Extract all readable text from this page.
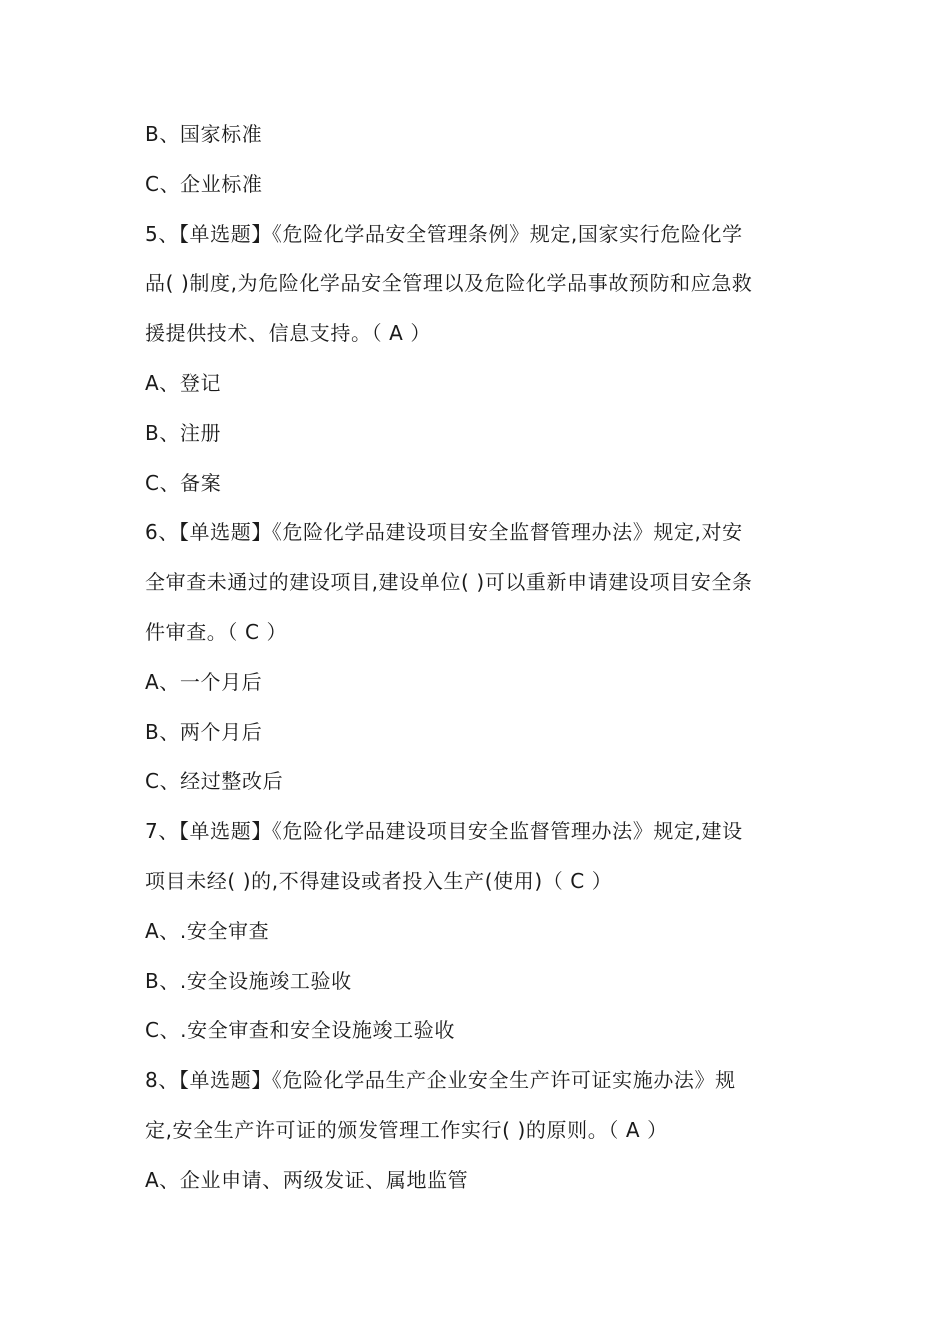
B、国家标准
C、企业标准
5、【单选题】《危险化学品安全管理条例》规定,国家实行危险化学
品( )制度,为危险化学品安全管理以及危险化学品事故预防和应急救
援提供技术、信息支持。（ A ）
A、登记
B、注册
C、备案
6、【单选题】《危险化学品建设项目安全监督管理办法》规定,对安
全审查未通过的建设项目,建设单位( )可以重新申请建设项目安全条
件审查。（ C ）
A、一个月后
B、两个月后
C、经过整改后
7、【单选题】《危险化学品建设项目安全监督管理办法》规定,建设
项目未经( )的,不得建设或者投入生产(使用)（ C ）
A、.安全审查
B、.安全设施竣工验收
C、.安全审查和安全设施竣工验收
8、【单选题】《危险化学品生产企业安全生产许可证实施办法》规
定,安全生产许可证的颁发管理工作实行( )的原则。（ A ）
A、企业申请、两级发证、属地监管
